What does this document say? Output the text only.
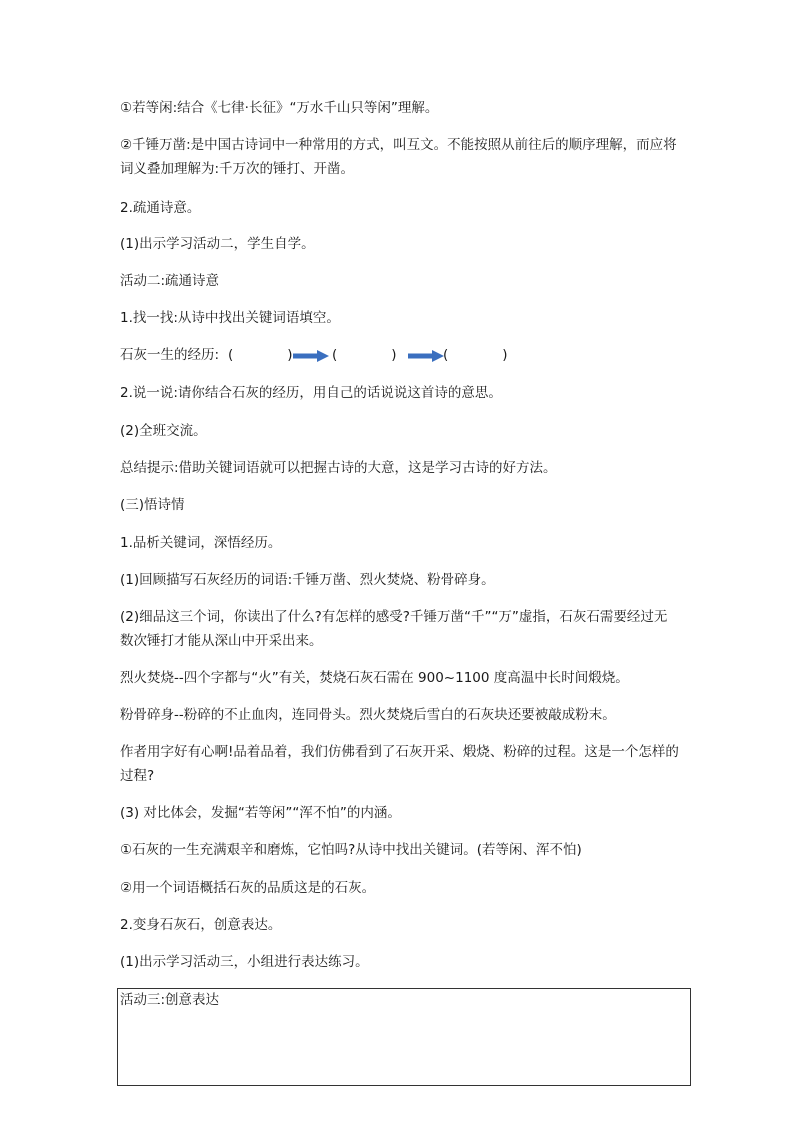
①若等闲:结合《七律·长征》“万水千山只等闲”理解。
②千锤万凿:是中国古诗词中一种常用的方式，叫互文。不能按照从前往后的顺序理解，而应将词义叠加理解为:千万次的锤打、开凿。
2.疏通诗意。
(1)出示学习活动二，学生自学。
活动二:疏通诗意
1.找一找:从诗中找出关键词语填空。
石灰一生的经历: (　　　　)	(　　　　)	(　　　　)
2.说一说:请你结合石灰的经历，用自己的话说说这首诗的意思。
(2)全班交流。
总结提示:借助关键词语就可以把握古诗的大意，这是学习古诗的好方法。
(三)悟诗情
1.品析关键词，深悟经历。
(1)回顾描写石灰经历的词语:千锤万凿、烈火焚烧、粉骨碎身。
(2)细品这三个词，你读出了什么?有怎样的感受?千锤万凿“千”“万”虚指，石灰石需要经过无数次锤打才能从深山中开采出来。
烈火焚烧--四个字都与“火”有关，焚烧石灰石需在 900~1100 度高温中长时间煅烧。
粉骨碎身--粉碎的不止血肉，连同骨头。烈火焚烧后雪白的石灰块还要被敲成粉末。
作者用字好有心啊!品着品着，我们仿佛看到了石灰开采、煅烧、粉碎的过程。这是一个怎样的过程?
(3) 对比体会，发掘“若等闲”“浑不怕”的内涵。
①石灰的一生充满艰辛和磨炼，它怕吗?从诗中找出关键词。(若等闲、浑不怕)
②用一个词语概括石灰的品质这是的石灰。
2.变身石灰石，创意表达。
(1)出示学习活动三，小组进行表达练习。
活动三:创意表达
